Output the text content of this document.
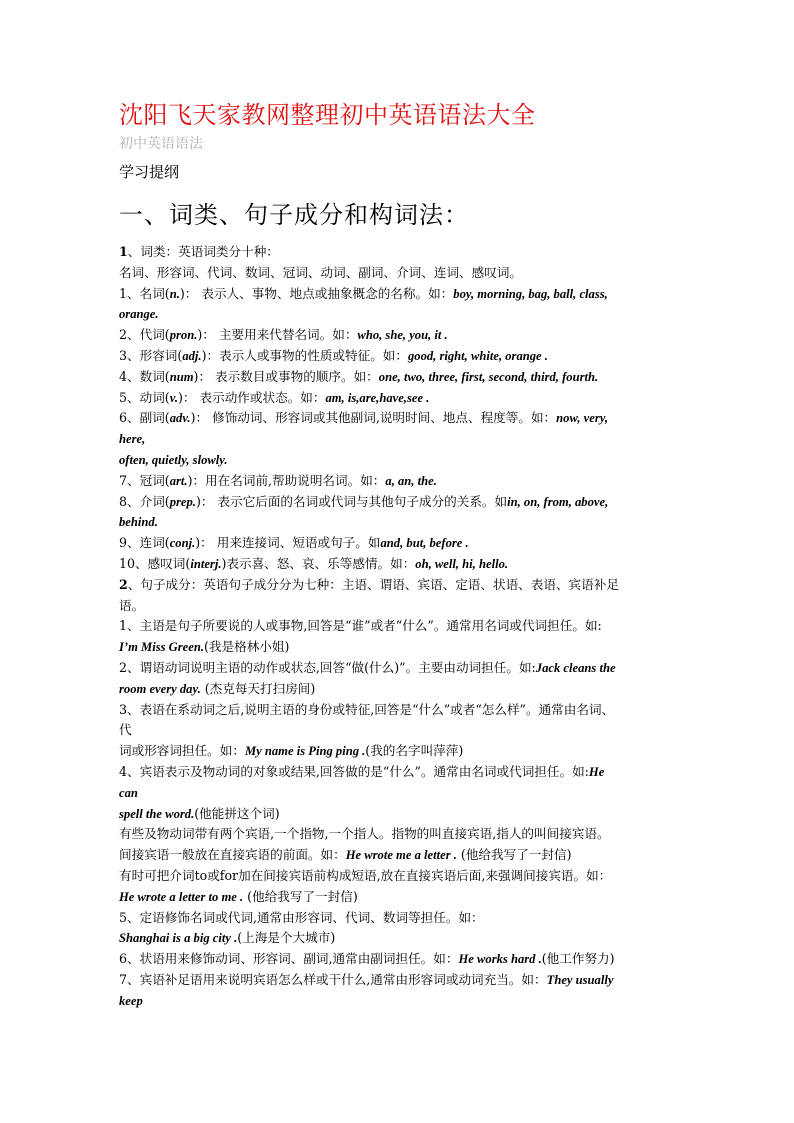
沈阳飞天家教网整理初中英语语法大全
初中英语语法
学习提纲
一、词类、句子成分和构词法：

1、词类：英语词类分十种：

名词、形容词、代词、数词、冠词、动词、副词、介词、连词、感叹词。

1、名词(n.)： 表示人、事物、地点或抽象概念的名称。如：boy, morning, bag, ball, class,

orange.

2、代词(pron.)： 主要用来代替名词。如：who, she, you, it .

3、形容词(adj.)：表示人或事物的性质或特征。如：good, right, white, orange .

4、数词(num)： 表示数目或事物的顺序。如：one, two, three, first, second, third, fourth.

5、动词(v.)： 表示动作或状态。如：am, is,are,have,see .

6、副词(adv.)： 修饰动词、形容词或其他副词,说明时间、地点、程度等。如：now, very,

here,

often, quietly, slowly.

7、冠词(art.)：用在名词前,帮助说明名词。如：a, an, the.

8、介词(prep.)： 表示它后面的名词或代词与其他句子成分的关系。如in, on, from, above,

behind.

9、连词(conj.)： 用来连接词、短语或句子。如and, but, before .

10、感叹词(interj.)表示喜、怒、哀、乐等感情。如：oh, well, hi, hello.

2、句子成分：英语句子成分分为七种：主语、谓语、宾语、定语、状语、表语、宾语补足

语。

1、主语是句子所要说的人或事物,回答是“谁”或者“什么”。通常用名词或代词担任。如:

I’m Miss Green.(我是格林小姐)

2、谓语动词说明主语的动作或状态,回答“做(什么)”。主要由动词担任。如:Jack cleans the

room every day. (杰克每天打扫房间)

3、表语在系动词之后,说明主语的身份或特征,回答是“什么”或者“怎么样”。通常由名词、

代

词或形容词担任。如：My name is Ping ping .(我的名字叫萍萍)

4、宾语表示及物动词的对象或结果,回答做的是“什么”。通常由名词或代词担任。如:He

can

spell the word.(他能拼这个词)

有些及物动词带有两个宾语,一个指物,一个指人。指物的叫直接宾语,指人的叫间接宾语。

间接宾语一般放在直接宾语的前面。如：He wrote me a letter . (他给我写了一封信)

有时可把介词to或for加在间接宾语前构成短语,放在直接宾语后面,来强调间接宾语。如：

He wrote a letter to me . (他给我写了一封信)

5、定语修饰名词或代词,通常由形容词、代词、数词等担任。如：

Shanghai is a big city .(上海是个大城市)

6、状语用来修饰动词、形容词、副词,通常由副词担任。如：He works hard .(他工作努力)

7、宾语补足语用来说明宾语怎么样或干什么,通常由形容词或动词充当。如：They usually

keep
